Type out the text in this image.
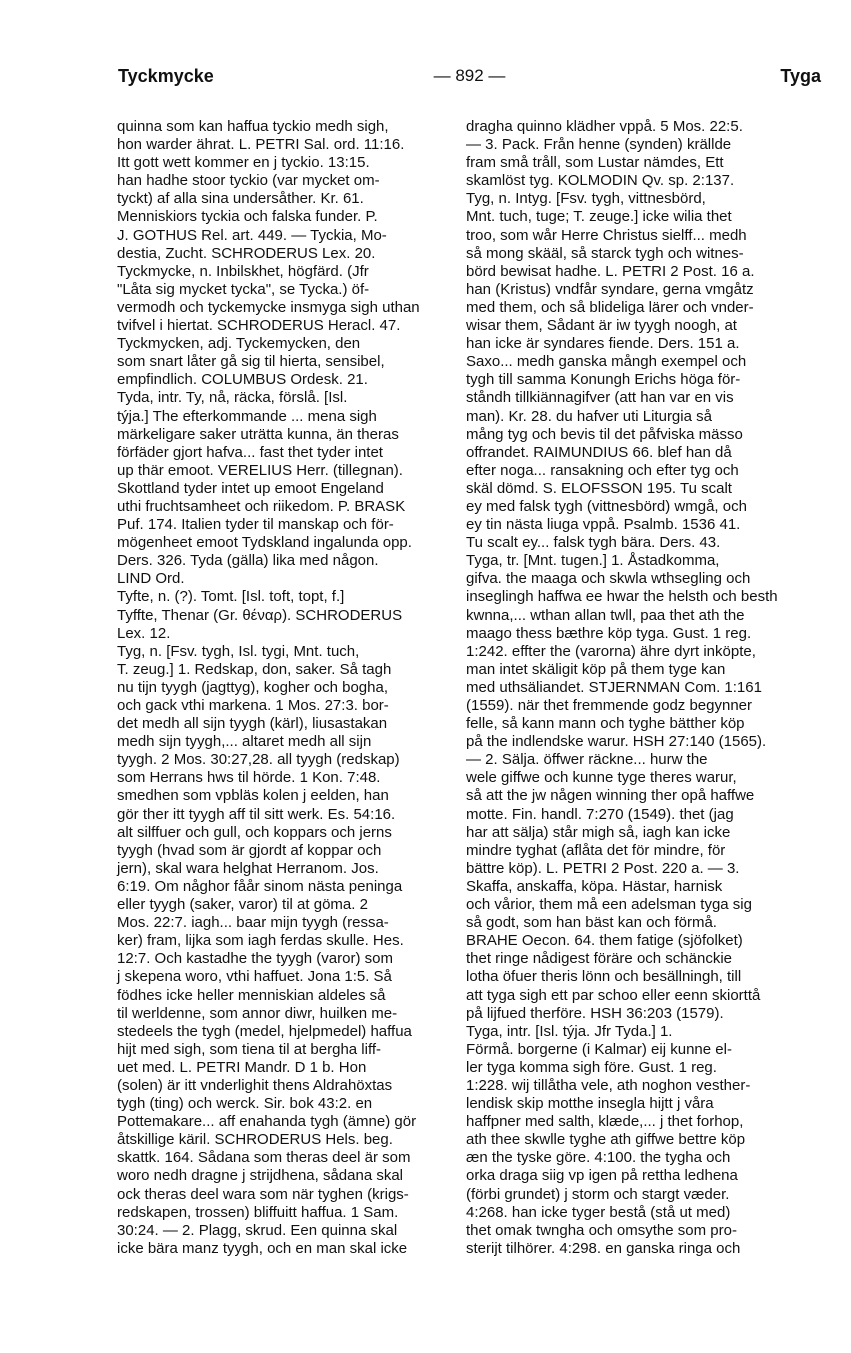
Tyckmycke	— 892 —	Tyga
quinna som kan haffua tyckio medh sigh,
hon warder ährat. L. PETRI Sal. ord. 11:16.
Itt gott wett kommer en j tyckio. 13:15.
han hadhe stoor tyckio (var mycket om-
tyckt) af alla sina undersåther. Kr. 61.
Menniskiors tyckia och falska funder. P.
J. GOTHUS Rel. art. 449. — Tyckia, Mo-
destia, Zucht. SCHRODERUS Lex. 20.
Tyckmycke, n. Inbilskhet, högfärd. (Jfr
"Låta sig mycket tycka", se Tycka.) öf-
vermodh och tyckemycke insmyga sigh uthan
tvifvel i hiertat. SCHRODERUS Heracl. 47.
Tyckmycken, adj. Tyckemycken, den
som snart låter gå sig til hierta, sensibel,
empfindlich. COLUMBUS Ordesk. 21.
Tyda, intr. Ty, nå, räcka, förslå. [Isl.
týja.] The efterkommande ... mena sigh
märkeligare saker uträtta kunna, än theras
förfäder gjort hafva... fast thet tyder intet
up thär emoot. VERELIUS Herr. (tillegnan).
Skottland tyder intet up emoot Engeland
uthi fruchtsamheet och riikedom. P. BRASK
Puf. 174. Italien tyder til manskap och för-
mögenheet emoot Tydskland ingalunda opp.
Ders. 326. Tyda (gälla) lika med någon.
LIND Ord.
Tyfte, n. (?). Tomt. [Isl. toft, topt, f.]
Tyffte, Thenar (Gr. θέναρ). SCHRODERUS
Lex. 12.
Tyg, n. [Fsv. tygh, Isl. tygi, Mnt. tuch,
T. zeug.] 1. Redskap, don, saker. Så tagh
nu tijn tyygh (jagttyg), kogher och bogha,
och gack vthi markena. 1 Mos. 27:3. bor-
det medh all sijn tyygh (kärl), liusastakan
medh sijn tyygh,... altaret medh all sijn
tyygh. 2 Mos. 30:27,28. all tyygh (redskap)
som Herrans hws til hörde. 1 Kon. 7:48.
smedhen som vpbläs kolen j eelden, han
gör ther itt tyygh aff til sitt werk. Es. 54:16.
alt silffuer och gull, och koppars och jerns
tyygh (hvad som är gjordt af koppar och
jern), skal wara helghat Herranom. Jos.
6:19. Om någhor fåår sinom nästa peninga
eller tyygh (saker, varor) til at göma. 2
Mos. 22:7. iagh... baar mijn tyygh (ressa-
ker) fram, lijka som iagh ferdas skulle. Hes.
12:7. Och kastadhe the tyygh (varor) som
j skepena woro, vthi haffuet. Jona 1:5. Så
födhes icke heller menniskian aldeles så
til werldenne, som annor diwr, huilken me-
stedeels the tygh (medel, hjelpmedel) haffua
hijt med sigh, som tiena til at bergha liff-
uet med. L. PETRI Mandr. D 1 b. Hon
(solen) är itt vnderlighit thens Aldrahöxtas
tygh (ting) och werck. Sir. bok 43:2. en
Pottemakare... aff enahanda tygh (ämne) gör
åtskillige käril. SCHRODERUS Hels. beg.
skattk. 164. Sådana som theras deel är som
woro nedh dragne j strijdhena, sådana skal
ock theras deel wara som när tyghen (krigs-
redskapen, trossen) bliffuitt haffua. 1 Sam.
30:24. — 2. Plagg, skrud. Een quinna skal
icke bära manz tyygh, och en man skal icke
dragha quinno klädher vppå. 5 Mos. 22:5.
— 3. Pack. Från henne (synden) krällde
fram små tråll, som Lustar nämdes, Ett
skamlöst tyg. KOLMODIN Qv. sp. 2:137.
Tyg, n. Intyg. [Fsv. tygh, vittnesbörd,
Mnt. tuch, tuge; T. zeuge.] icke wilia thet
troo, som wår Herre Christus sielff... medh
så mong skääl, så starck tygh och witnes-
börd bewisat hadhe. L. PETRI 2 Post. 16 a.
han (Kristus) vndfår syndare, gerna vmgåtz
med them, och så blideliga lärer och vnder-
wisar them, Sådant är iw tyygh noogh, at
han icke är syndares fiende. Ders. 151 a.
Saxo... medh ganska mångh exempel och
tygh till samma Konungh Erichs höga för-
ståndh tillkiännagifver (att han var en vis
man). Kr. 28. du hafver uti Liturgia så
mång tyg och bevis til det påfviska mässo
offrandet. RAIMUNDIUS 66. blef han då
efter noga... ransakning och efter tyg och
skäl dömd. S. ELOFSSON 195. Tu scalt
ey med falsk tygh (vittnesbörd) wmgå, och
ey tin nästa liuga vppå. Psalmb. 1536 41.
Tu scalt ey... falsk tygh bära. Ders. 43.
Tyga, tr. [Mnt. tugen.] 1. Åstadkomma,
gifva. the maaga och skwla wthsegling och
inseglingh haffwa ee hwar the helsth och besth
kwnna,... wthan allan twll, paa thet ath the
maago thess bæthre köp tyga. Gust. 1 reg.
1:242. effter the (varorna) ähre dyrt inköpte,
man intet skäligit köp på them tyge kan
med uthsäliandet. STJERNMAN Com. 1:161
(1559). när thet fremmende godz begynner
felle, så kann mann och tyghe bätther köp
på the indlendske warur. HSH 27:140 (1565).
— 2. Sälja. öffwer räckne... hurw the
wele giffwe och kunne tyge theres warur,
så att the jw någen winning ther opå haffwe
motte. Fin. handl. 7:270 (1549). thet (jag
har att sälja) står migh så, iagh kan icke
mindre tyghat (aflåta det för mindre, för
bättre köp). L. PETRI 2 Post. 220 a. — 3.
Skaffa, anskaffa, köpa. Hästar, harnisk
och vårior, them må een adelsman tyga sig
så godt, som han bäst kan och förmå.
BRAHE Oecon. 64. them fatige (sjöfolket)
thet ringe nådigest föräre och schänckie
lotha öfuer theris lönn och besällningh, till
att tyga sigh ett par schoo eller eenn skiorttå
på lijfued therföre. HSH 36:203 (1579).
Tyga, intr. [Isl. týja. Jfr Tyda.] 1.
Förmå. borgerne (i Kalmar) eij kunne el-
ler tyga komma sigh före. Gust. 1 reg.
1:228. wij tillåtha vele, ath noghon vesther-
lendisk skip motthe insegla hijtt j våra
haffpner med salth, klæde,... j thet forhop,
ath thee skwlle tyghe ath giffwe bettre köp
æn the tyske göre. 4:100. the tygha och
orka draga siig vp igen på rettha ledhena
(förbi grundet) j storm och stargt væder.
4:268. han icke tyger bestå (stå ut med)
thet omak twngha och omsythe som pro-
sterijt tilhörer. 4:298. en ganska ringa och
